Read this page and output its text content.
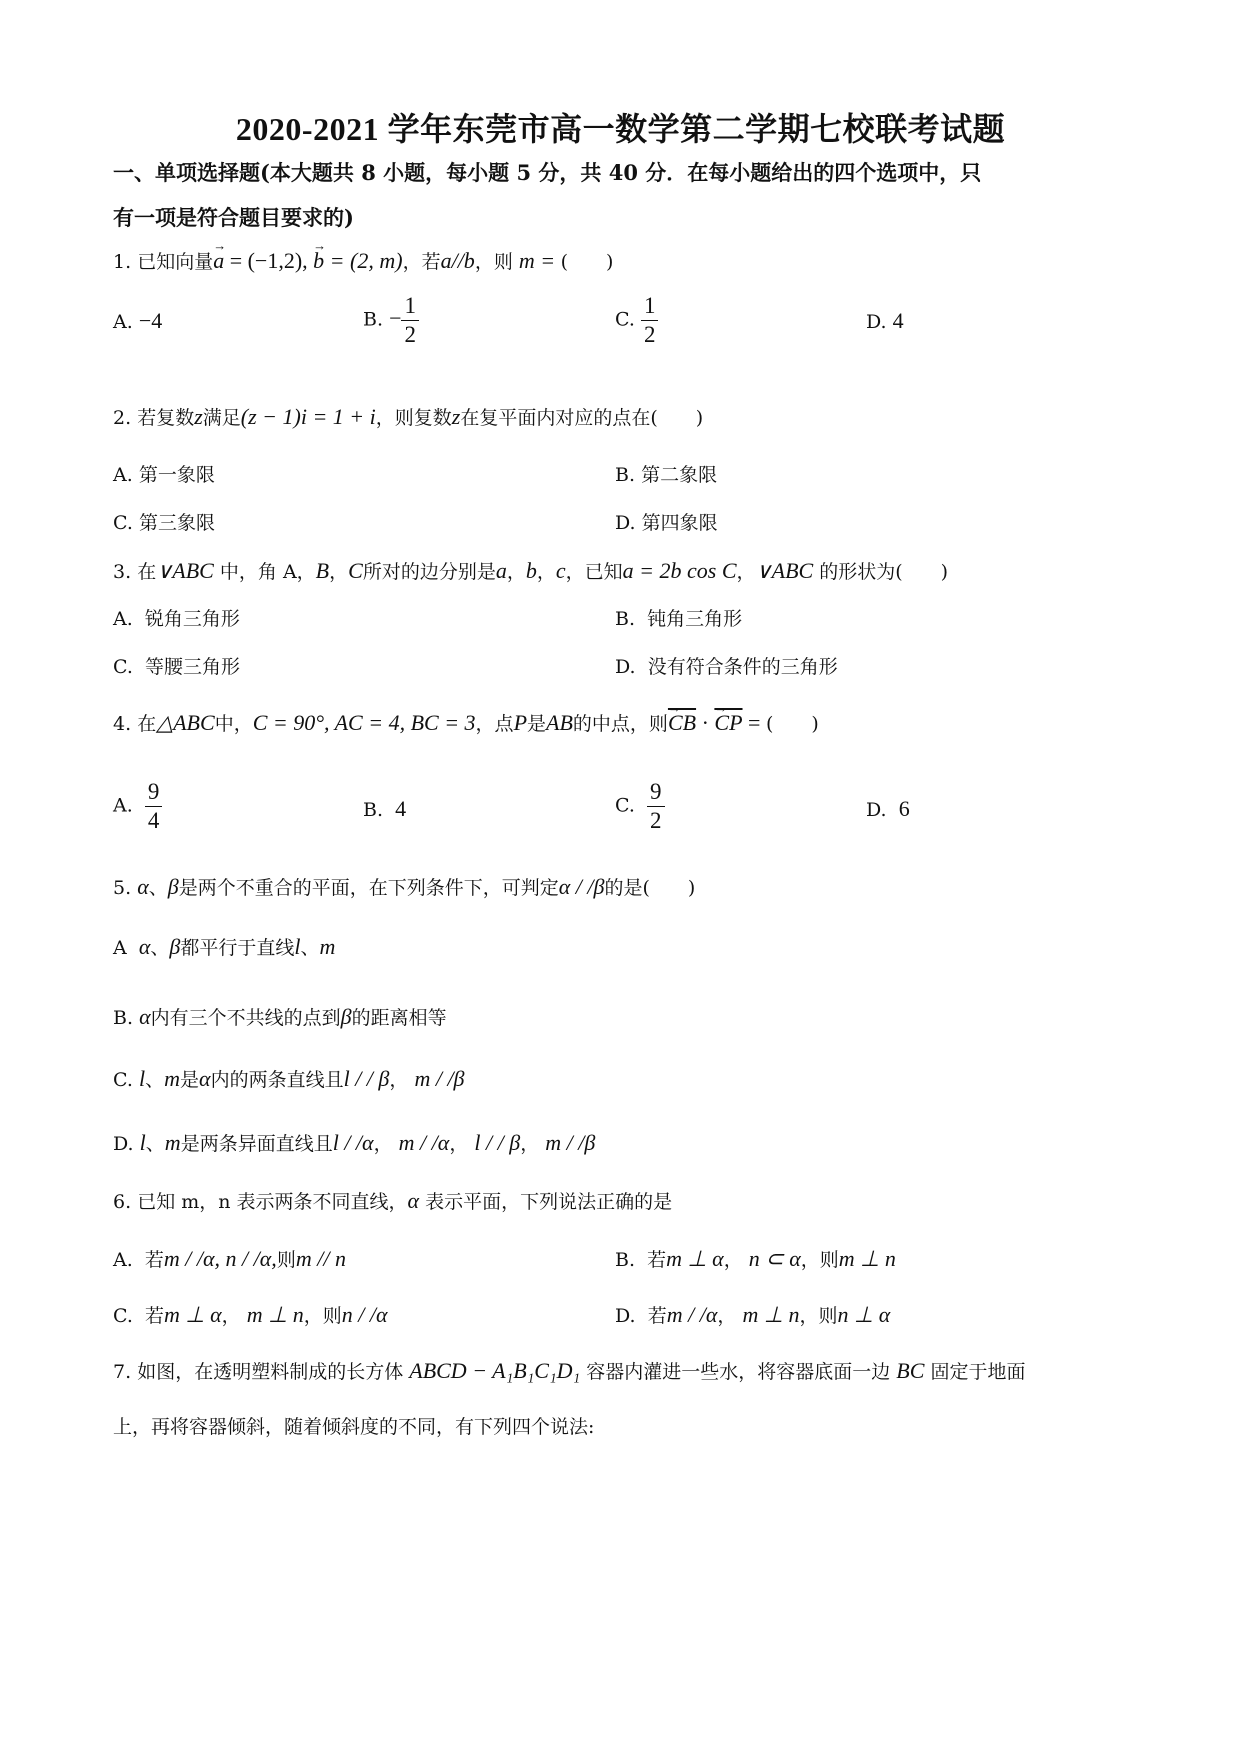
2020-2021 学年东莞市高一数学第二学期七校联考试题
一、单项选择题(本大题共 8 小题，每小题 5 分，共 40 分．在每小题给出的四个选项中，只
有一项是符合题目要求的)
1. 已知向量→ a = (−1,2), → b = (2, m)，若a//b，则 m = (　　)
A. −4	B. − $\frac{1}{2}$	C. $\frac{1}{2}$	D. 4
2. 若复数z满足(z − 1)i = 1 + i，则复数z在复平面内对应的点在(　　)
A. 第一象限	B. 第二象限
C. 第三象限	D. 第四象限
3. 在∨ABC 中，角 A，B，C所对的边分别是a，b，c，已知a = 2b cos C，∨ABC 的形状为(　　)
A. 锐角三角形	B. 钝角三角形
C. 等腰三角形	D. 没有符合条件的三角形
4. 在△ABC中，C = 90°, AC = 4, BC = 3，点P是AB的中点，则→ $\overline{CB}$ · → $\overline{CP}$ = (　　)
A. $\frac{9}{4}$	B. 4	C. $\frac{9}{2}$	D. 6
5. α、β是两个不重合的平面，在下列条件下，可判定α / /β的是(　　)
A α、β都平行于直线l、m
B. α内有三个不共线的点到β的距离相等
C. l、m是α内的两条直线且l / / β， m / /β
D. l、m是两条异面直线且l / /α， m / /α， l / / β， m / /β
6. 已知 m，n 表示两条不同直线，α 表示平面，下列说法正确的是
A. 若m / /α, n / /α,则m // n	B. 若m ⊥ α， n ⊂ α，则m ⊥ n
C. 若m ⊥ α， m ⊥ n，则n / /α	D. 若m / /α， m ⊥ n，则n ⊥ α
7. 如图，在透明塑料制成的长方体 ABCD − A₁B₁C₁D₁ 容器内灌进一些水，将容器底面一边 BC 固定于地面
上，再将容器倾斜，随着倾斜度的不同，有下列四个说法:
